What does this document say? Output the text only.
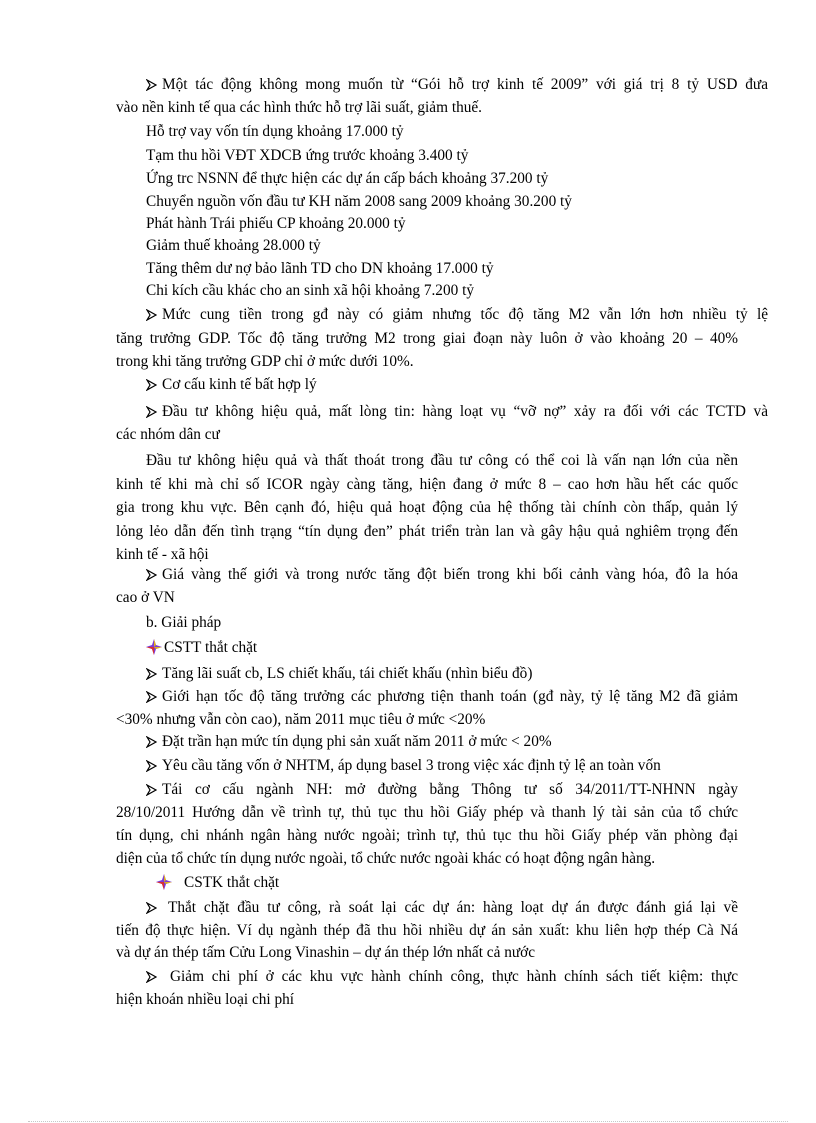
Một tác động không mong muốn từ “Gói hỗ trợ kinh tế 2009” với giá trị 8 tỷ USD đưa
vào nền kinh tế qua các hình thức hỗ trợ lãi suất, giảm thuế.
Hỗ trợ vay vốn tín dụng khoảng 17.000 tỷ
Tạm thu hồi VĐT XDCB ứng trước khoảng 3.400 tỷ
Ứng trc NSNN để thực hiện các dự án cấp bách khoảng 37.200 tỷ
Chuyển nguồn vốn đầu tư KH năm 2008 sang 2009 khoảng 30.200 tỷ
Phát hành Trái phiếu CP khoảng 20.000 tỷ
Giảm thuế khoảng 28.000 tỷ
Tăng thêm dư nợ bảo lãnh TD cho DN khoảng 17.000 tỷ
Chi kích cầu khác cho an sinh xã hội khoảng 7.200 tỷ
Mức cung tiền trong gđ này có giảm nhưng tốc độ tăng M2 vẫn lớn hơn nhiều tỷ lệ
tăng trưởng GDP. Tốc độ tăng trưởng M2 trong giai đoạn này luôn ở vào khoảng 20 – 40%
trong khi tăng trưởng GDP chỉ ở mức dưới 10%.
Cơ cấu kinh tế bất hợp lý
Đầu tư không hiệu quả, mất lòng tin: hàng loạt vụ “vỡ nợ” xảy ra đối với các TCTD và
các nhóm dân cư
Đầu tư không hiệu quả và thất thoát trong đầu tư công có thể coi là vấn nạn lớn của nền
kinh tế khi mà chỉ số ICOR ngày càng tăng, hiện đang ở mức 8 – cao hơn hầu hết các quốc
gia trong khu vực. Bên cạnh đó, hiệu quả hoạt động của hệ thống tài chính còn thấp, quản lý
lỏng lẻo dẫn đến tình trạng “tín dụng đen” phát triển tràn lan và gây hậu quả nghiêm trọng đến
kinh tế - xã hội
Giá vàng thế giới và trong nước tăng đột biến trong khi bối cảnh vàng hóa, đô la hóa
cao ở VN
b. Giải pháp
CSTT thắt chặt
Tăng lãi suất cb, LS chiết khấu, tái chiết khấu (nhìn biểu đồ)
Giới hạn tốc độ tăng trưởng các phương tiện thanh toán (gđ này, tỷ lệ tăng M2 đã giảm
<30% nhưng vẫn còn cao), năm 2011 mục tiêu ở mức <20%
Đặt trần hạn mức tín dụng phi sản xuất năm 2011 ở mức < 20%
Yêu cầu tăng vốn ở NHTM, áp dụng basel 3 trong việc xác định tỷ lệ an toàn vốn
Tái cơ cấu ngành NH: mở đường bằng Thông tư số 34/2011/TT-NHNN ngày
28/10/2011 Hướng dẫn về trình tự, thủ tục thu hồi Giấy phép và thanh lý tài sản của tổ chức
tín dụng, chi nhánh ngân hàng nước ngoài; trình tự, thủ tục thu hồi Giấy phép văn phòng đại
diện của tổ chức tín dụng nước ngoài, tổ chức nước ngoài khác có hoạt động ngân hàng.
CSTK thắt chặt
Thắt chặt đầu tư công, rà soát lại các dự án: hàng loạt dự án được đánh giá lại về
tiến độ thực hiện. Ví dụ ngành thép đã thu hồi nhiều dự án sản xuất: khu liên hợp thép Cà Ná
và dự án thép tấm Cửu Long Vinashin – dự án thép lớn nhất cả nước
Giảm chi phí ở các khu vực hành chính công, thực hành chính sách tiết kiệm: thực
hiện khoán nhiều loại chi phí
